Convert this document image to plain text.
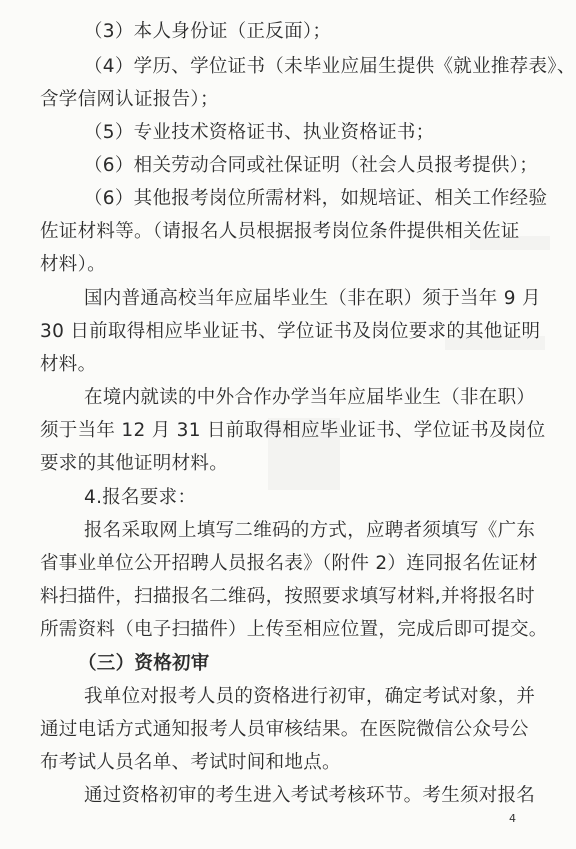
（3）本人身份证（正反面）；
（4）学历、学位证书（未毕业应届生提供《就业推荐表》、
含学信网认证报告）；
（5）专业技术资格证书、执业资格证书；
（6）相关劳动合同或社保证明（社会人员报考提供）；
（6）其他报考岗位所需材料，如规培证、相关工作经验
佐证材料等。（请报名人员根据报考岗位条件提供相关佐证
材料）。
国内普通高校当年应届毕业生（非在职）须于当年 9 月
30 日前取得相应毕业证书、学位证书及岗位要求的其他证明
材料。
在境内就读的中外合作办学当年应届毕业生（非在职）
须于当年 12 月 31 日前取得相应毕业证书、学位证书及岗位
要求的其他证明材料。
4.报名要求：
报名采取网上填写二维码的方式，应聘者须填写《广东
省事业单位公开招聘人员报名表》（附件 2）连同报名佐证材
料扫描件，扫描报名二维码，按照要求填写材料,并将报名时
所需资料（电子扫描件）上传至相应位置，完成后即可提交。
（三）资格初审
我单位对报考人员的资格进行初审，确定考试对象，并
通过电话方式通知报考人员审核结果。在医院微信公众号公
布考试人员名单、考试时间和地点。
通过资格初审的考生进入考试考核环节。考生须对报名
4
